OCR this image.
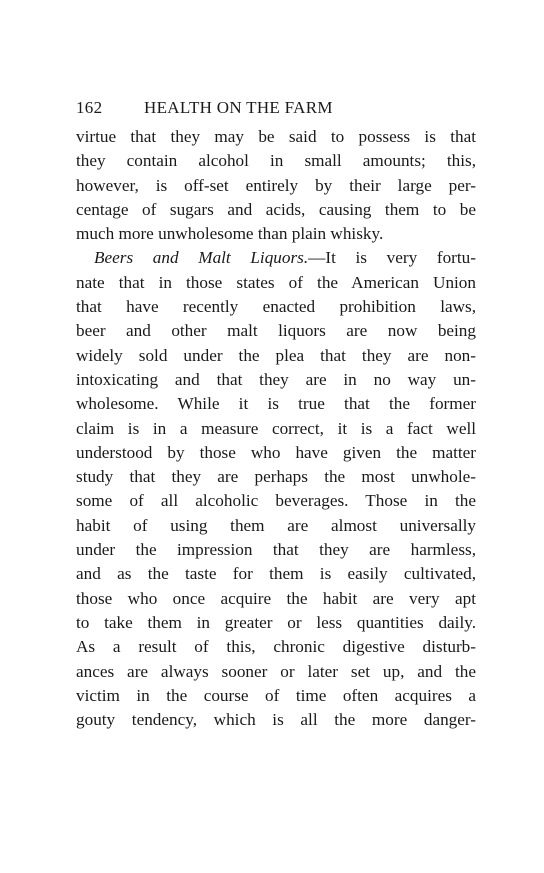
162 HEALTH ON THE FARM
virtue that they may be said to possess is that
they contain alcohol in small amounts; this,
however, is off-set entirely by their large per-
centage of sugars and acids, causing them to be
much more unwholesome than plain whisky.
Beers and Malt Liquors.—It is very fortu-
nate that in those states of the American Union
that have recently enacted prohibition laws,
beer and other malt liquors are now being
widely sold under the plea that they are non-
intoxicating and that they are in no way un-
wholesome. While it is true that the former
claim is in a measure correct, it is a fact well
understood by those who have given the matter
study that they are perhaps the most unwhole-
some of all alcoholic beverages. Those in the
habit of using them are almost universally
under the impression that they are harmless,
and as the taste for them is easily cultivated,
those who once acquire the habit are very apt
to take them in greater or less quantities daily.
As a result of this, chronic digestive disturb-
ances are always sooner or later set up, and the
victim in the course of time often acquires a
gouty tendency, which is all the more danger-
